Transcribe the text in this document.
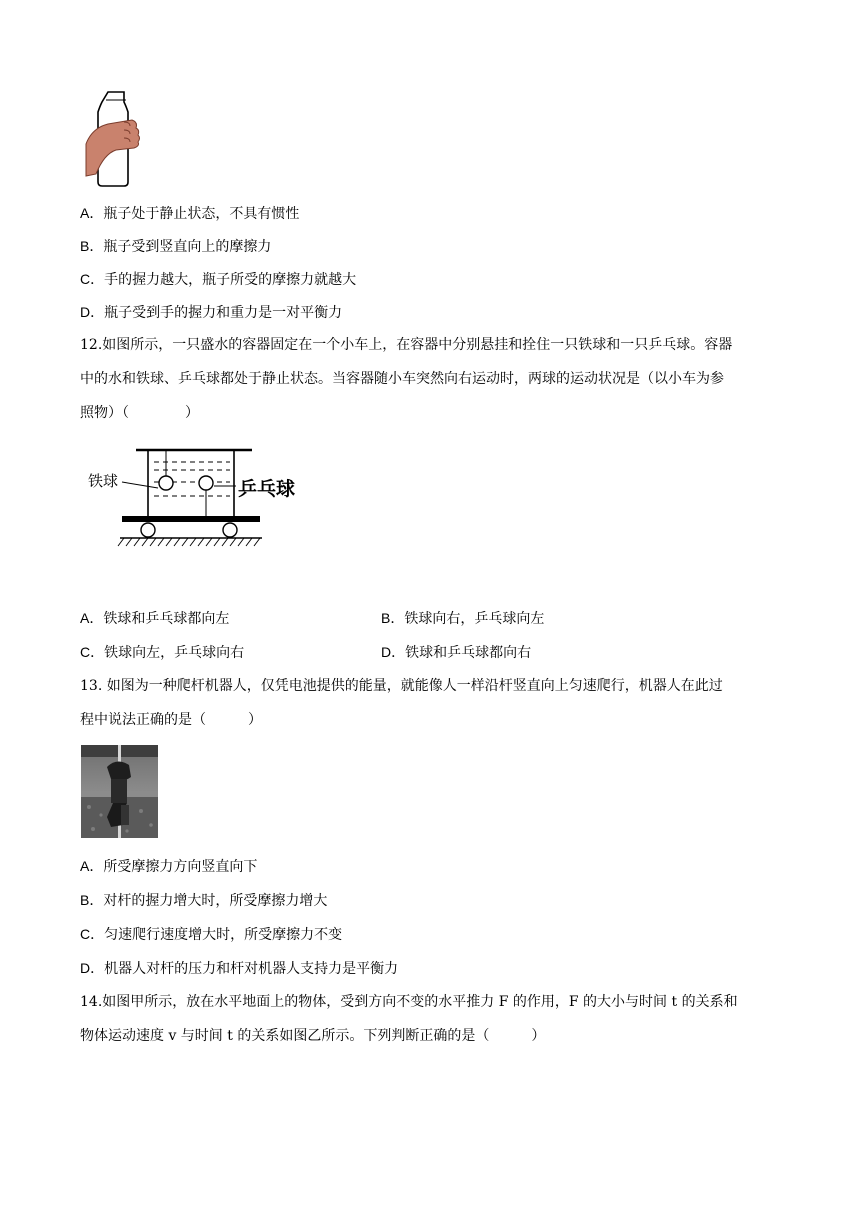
A．瓶子处于静止状态，不具有惯性
B．瓶子受到竖直向上的摩擦力
C．手的握力越大，瓶子所受的摩擦力就越大
D．瓶子受到手的握力和重力是一对平衡力
12.如图所示，一只盛水的容器固定在一个小车上，在容器中分别悬挂和拴住一只铁球和一只乒乓球。容器
中的水和铁球、乒乓球都处于静止状态。当容器随小车突然向右运动时，两球的运动状况是（以小车为参
照物）（　　　　）
铁球	乒乓球
A．铁球和乒乓球都向左	B．铁球向右，乒乓球向左
C．铁球向左，乒乓球向右	D．铁球和乒乓球都向右
13. 如图为一种爬杆机器人，仅凭电池提供的能量，就能像人一样沿杆竖直向上匀速爬行，机器人在此过
程中说法正确的是（　　　）
A．所受摩擦力方向竖直向下
B．对杆的握力增大时，所受摩擦力增大
C．匀速爬行速度增大时，所受摩擦力不变
D．机器人对杆的压力和杆对机器人支持力是平衡力
14.如图甲所示，放在水平地面上的物体，受到方向不变的水平推力 F 的作用，F 的大小与时间 t 的关系和
物体运动速度 v 与时间 t 的关系如图乙所示。下列判断正确的是（　　　）
